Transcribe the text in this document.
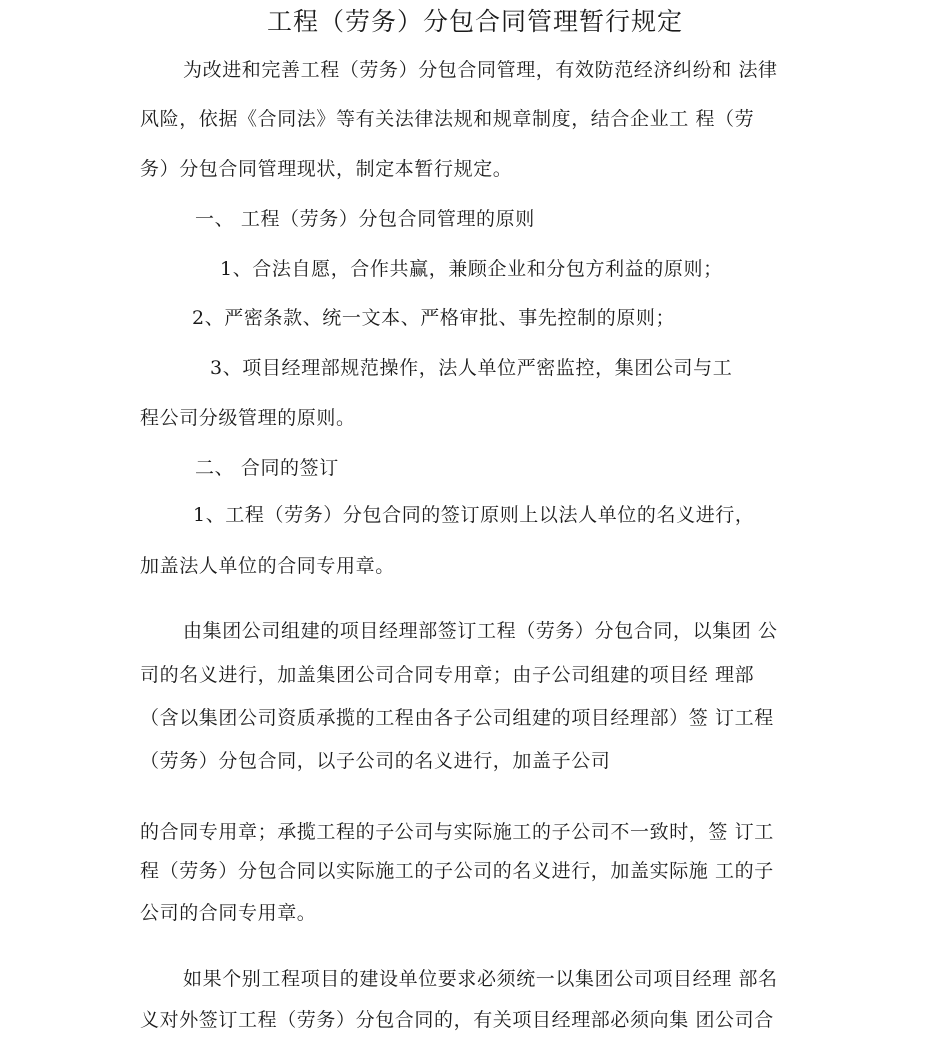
工程（劳务）分包合同管理暂行规定
为改进和完善工程（劳务）分包合同管理，有效防范经济纠纷和 法律
风险，依据《合同法》等有关法律法规和规章制度，结合企业工 程（劳
务）分包合同管理现状，制定本暂行规定。
一、 工程（劳务）分包合同管理的原则
1、合法自愿，合作共赢，兼顾企业和分包方利益的原则；
2、严密条款、统一文本、严格审批、事先控制的原则；
3、项目经理部规范操作，法人单位严密监控，集团公司与工
程公司分级管理的原则。
二、 合同的签订
1、工程（劳务）分包合同的签订原则上以法人单位的名义进行，
加盖法人单位的合同专用章。
由集团公司组建的项目经理部签订工程（劳务）分包合同，以集团 公
司的名义进行，加盖集团公司合同专用章；由子公司组建的项目经 理部
（含以集团公司资质承揽的工程由各子公司组建的项目经理部）签 订工程
（劳务）分包合同，以子公司的名义进行，加盖子公司
的合同专用章；承揽工程的子公司与实际施工的子公司不一致时，签 订工
程（劳务）分包合同以实际施工的子公司的名义进行，加盖实际施 工的子
公司的合同专用章。
如果个别工程项目的建设单位要求必须统一以集团公司项目经理 部名
义对外签订工程（劳务）分包合同的，有关项目经理部必须向集 团公司合
